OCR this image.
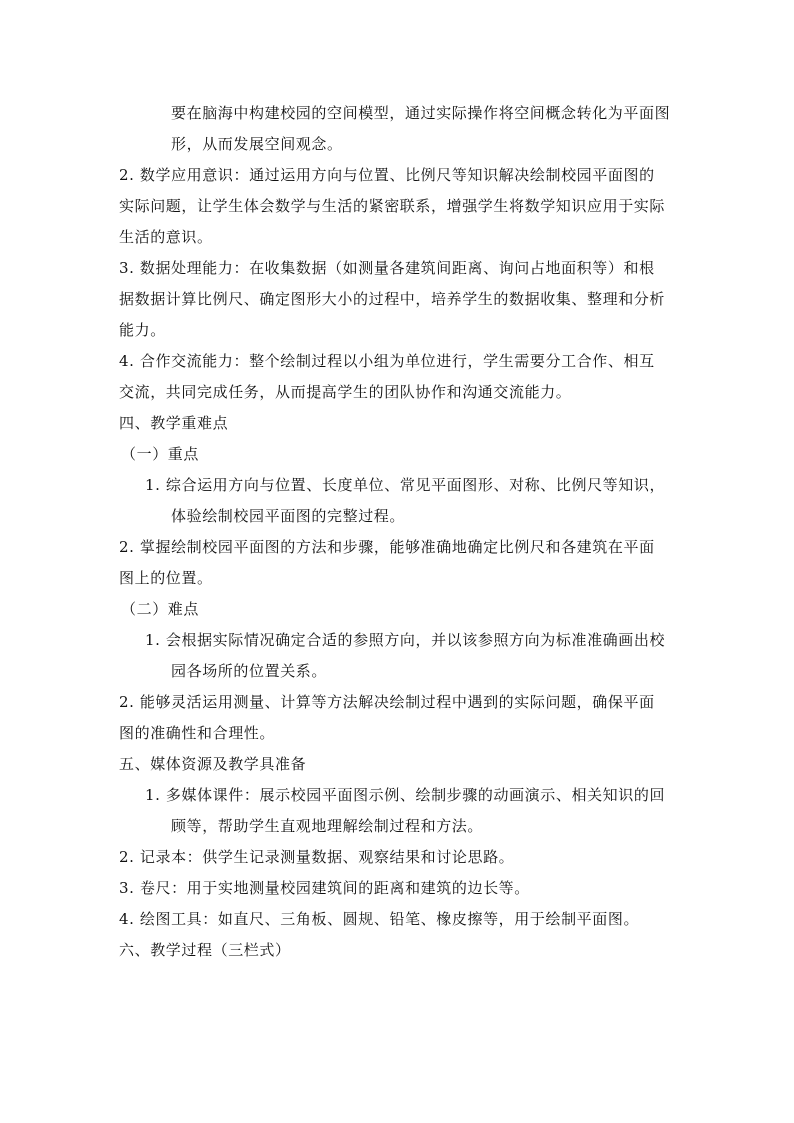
要在脑海中构建校园的空间模型，通过实际操作将空间概念转化为平面图
形，从而发展空间观念。
2. 数学应用意识：通过运用方向与位置、比例尺等知识解决绘制校园平面图的
实际问题，让学生体会数学与生活的紧密联系，增强学生将数学知识应用于实际
生活的意识。
3. 数据处理能力：在收集数据（如测量各建筑间距离、询问占地面积等）和根
据数据计算比例尺、确定图形大小的过程中，培养学生的数据收集、整理和分析
能力。
4. 合作交流能力：整个绘制过程以小组为单位进行，学生需要分工合作、相互
交流，共同完成任务，从而提高学生的团队协作和沟通交流能力。
四、教学重难点
（一）重点
1. 综合运用方向与位置、长度单位、常见平面图形、对称、比例尺等知识，
体验绘制校园平面图的完整过程。
2. 掌握绘制校园平面图的方法和步骤，能够准确地确定比例尺和各建筑在平面
图上的位置。
（二）难点
1. 会根据实际情况确定合适的参照方向，并以该参照方向为标准准确画出校
园各场所的位置关系。
2. 能够灵活运用测量、计算等方法解决绘制过程中遇到的实际问题，确保平面
图的准确性和合理性。
五、媒体资源及教学具准备
1. 多媒体课件：展示校园平面图示例、绘制步骤的动画演示、相关知识的回
顾等，帮助学生直观地理解绘制过程和方法。
2. 记录本：供学生记录测量数据、观察结果和讨论思路。
3. 卷尺：用于实地测量校园建筑间的距离和建筑的边长等。
4. 绘图工具：如直尺、三角板、圆规、铅笔、橡皮擦等，用于绘制平面图。
六、教学过程（三栏式）
